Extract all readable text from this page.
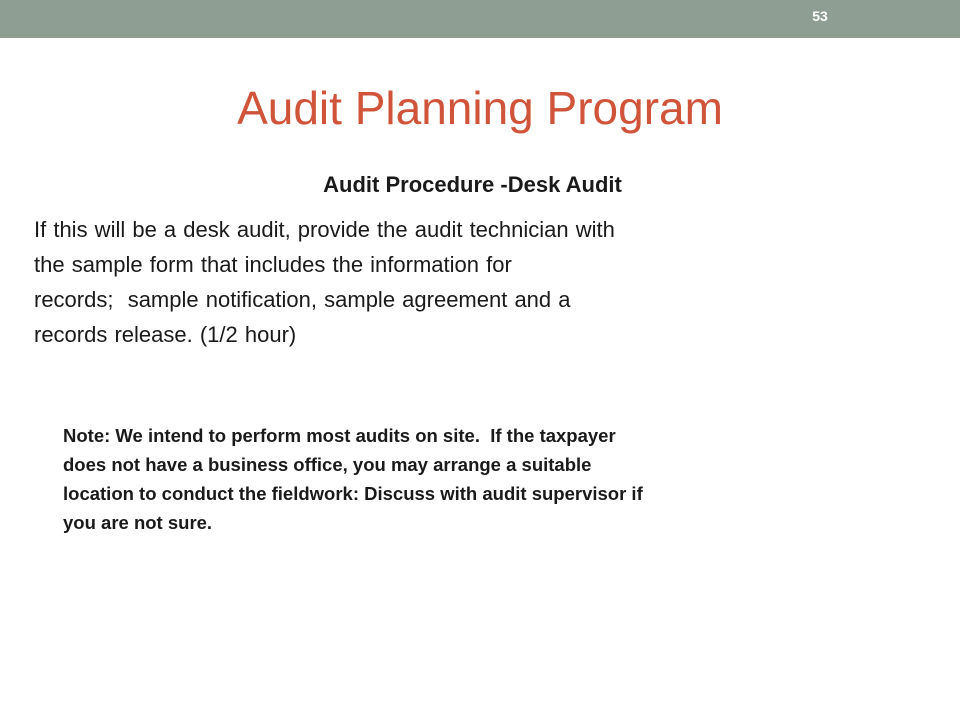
53
Audit Planning Program
Audit Procedure -Desk Audit

If this will be a desk audit, provide the audit technician with
the sample form that includes the information for
records;  sample notification, sample agreement and a
records release. (1/2 hour)

Note: We intend to perform most audits on site.  If the taxpayer
does not have a business office, you may arrange a suitable
location to conduct the fieldwork: Discuss with audit supervisor if
you are not sure.
